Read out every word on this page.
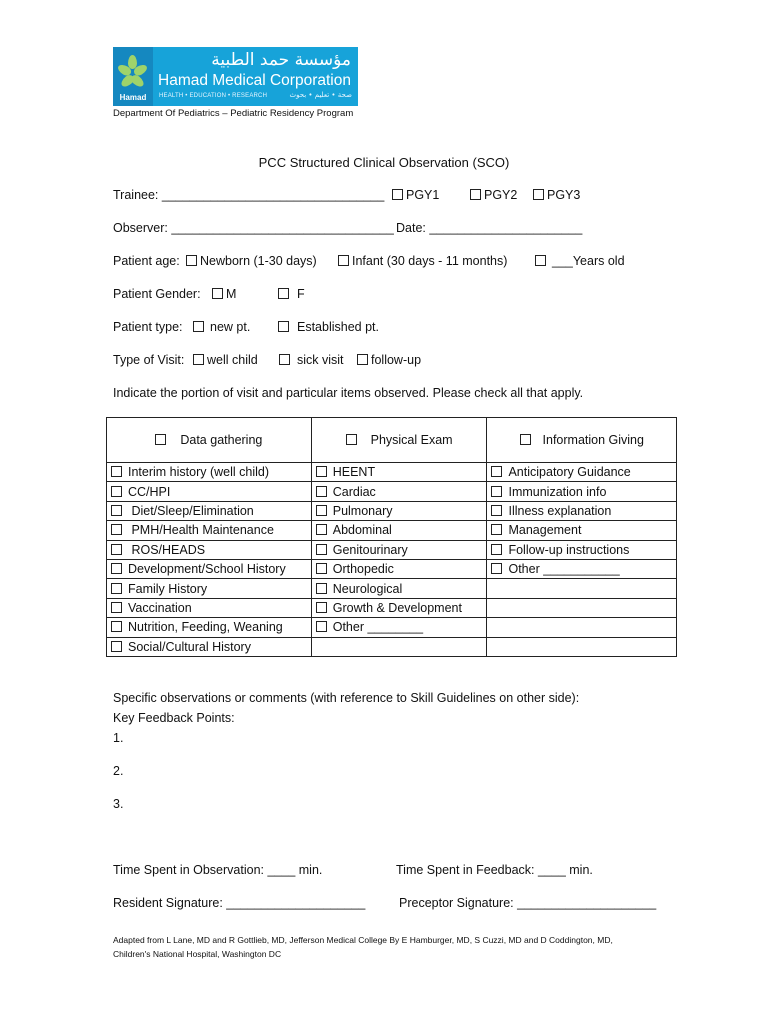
Hamad
مؤسسة حمد الطبية
Hamad Medical Corporation
HEALTH • EDUCATION • RESEARCH	صحة • تعليم • بحوث
Department Of Pediatrics – Pediatric Residency Program
PCC Structured Clinical Observation (SCO)
Trainee: ________________________________	PGY1	PGY2	PGY3
Observer: ________________________________ Date: ______________________
Patient age:	Newborn (1-30 days)	Infant (30 days - 11 months)	___Years old
Patient Gender:	M	F
Patient type:	new pt.	Established pt.
Type of Visit:	well child	sick visit	follow-up
Indicate the portion of visit and particular items observed. Please check all that apply.
Data gathering	Physical Exam	Information Giving
Interim history (well child)	HEENT	Anticipatory Guidance
CC/HPI	Cardiac	Immunization info
Diet/Sleep/Elimination	Pulmonary	Illness explanation
PMH/Health Maintenance	Abdominal	Management
ROS/HEADS	Genitourinary	Follow-up instructions
Development/School History	Orthopedic	Other ___________
Family History	Neurological	
Vaccination	Growth & Development	
Nutrition, Feeding, Weaning	Other ________	
Social/Cultural History		
Specific observations or comments (with reference to Skill Guidelines on other side):
Key Feedback Points:
1.
2.
3.
Time Spent in Observation: ____ min.	Time Spent in Feedback: ____ min.
Resident Signature: ____________________	Preceptor Signature: ____________________
Adapted from L Lane, MD and R Gottlieb, MD, Jefferson Medical College By E Hamburger, MD, S Cuzzi, MD and D Coddington, MD,
Children's National Hospital, Washington DC
